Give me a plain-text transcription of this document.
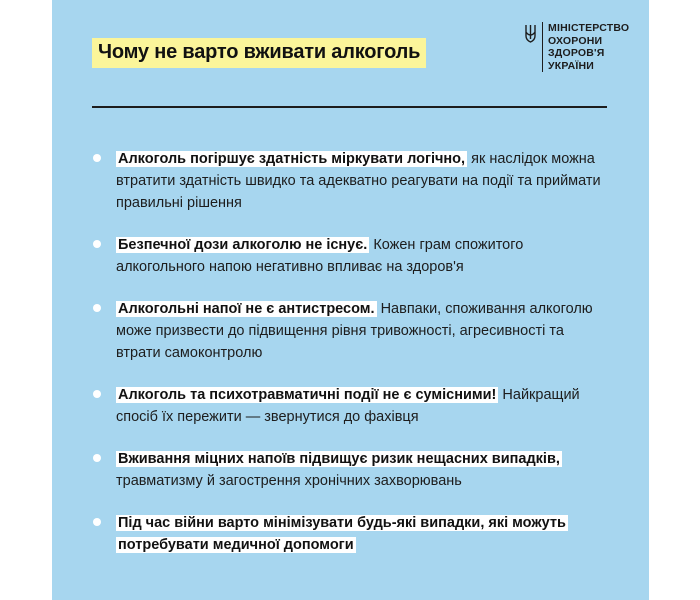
Чому не варто вживати алкоголь
МІНІСТЕРСТВО
ОХОРОНИ
ЗДОРОВ'Я
УКРАЇНИ
Алкоголь погіршує здатність міркувати логічно, як наслідок можна втратити здатність швидко та адекватно реагувати на події та приймати правильні рішення
Безпечної дози алкоголю не існує. Кожен грам спожитого алкогольного напою негативно впливає на здоров'я
Алкогольні напої не є антистресом. Навпаки, споживання алкоголю може призвести до підвищення рівня тривожності, агресивності та втрати самоконтролю
Алкоголь та психотравматичні події не є сумісними! Найкращий спосіб їх пережити — звернутися до фахівця
Вживання міцних напоїв підвищує ризик нещасних випадків, травматизму й загострення хронічних захворювань
Під час війни варто мінімізувати будь-які випадки, які можуть потребувати медичної допомоги
